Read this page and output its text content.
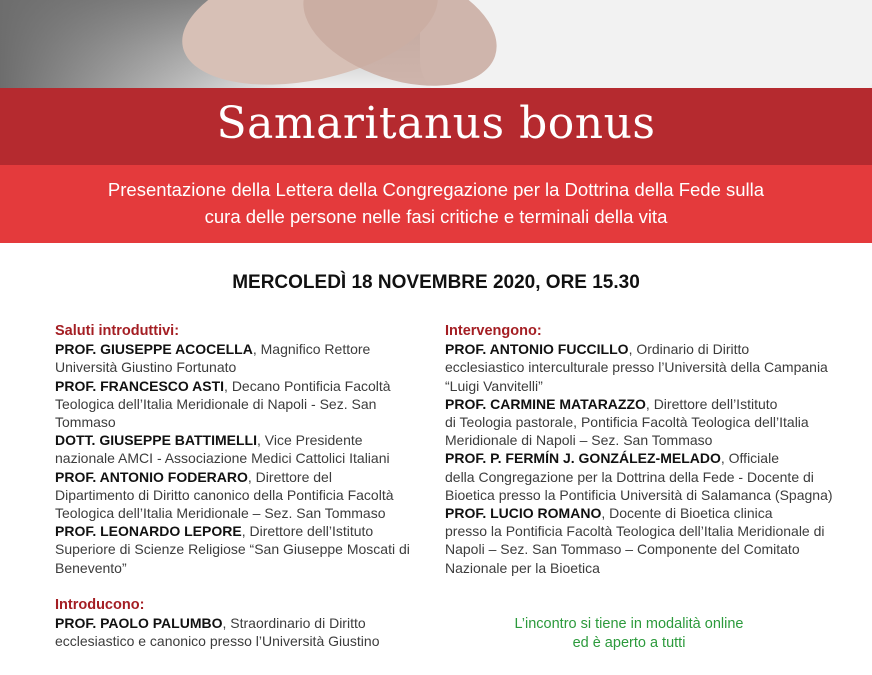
Samaritanus bonus
Presentazione della Lettera della Congregazione per la Dottrina della Fede sulla
cura delle persone nelle fasi critiche e terminali della vita
MERCOLEDÌ 18 NOVEMBRE 2020, ORE 15.30
Saluti introduttivi:

PROF. GIUSEPPE ACOCELLA, Magnifico Rettore
Università Giustino Fortunato

PROF. FRANCESCO ASTI, Decano Pontificia Facoltà
Teologica dell’Italia Meridionale di Napoli - Sez. San Tommaso

DOTT. GIUSEPPE BATTIMELLI, Vice Presidente
nazionale AMCI - Associazione Medici Cattolici Italiani

PROF. ANTONIO FODERARO, Direttore del
Dipartimento di Diritto canonico della Pontificia Facoltà Teologica dell’Italia Meridionale – Sez. San Tommaso

PROF. LEONARDO LEPORE, Direttore dell’Istituto
Superiore di Scienze Religiose “San Giuseppe Moscati di Benevento”

Introducono:

PROF. PAOLO PALUMBO, Straordinario di Diritto
ecclesiastico e canonico presso l’Università Giustino

Intervengono:

PROF. ANTONIO FUCCILLO, Ordinario di Diritto
ecclesiastico interculturale presso l’Università della Campania “Luigi Vanvitelli”

PROF. CARMINE MATARAZZO, Direttore dell’Istituto
di Teologia pastorale, Pontificia Facoltà Teologica dell’Italia Meridionale di Napoli – Sez. San Tommaso

PROF. P. FERMÍN J. GONZÁLEZ-MELADO, Officiale
della Congregazione per la Dottrina della Fede - Docente di Bioetica presso la Pontificia Università di Salamanca (Spagna)

PROF. LUCIO ROMANO, Docente di Bioetica clinica
presso la Pontificia Facoltà Teologica dell’Italia Meridionale di Napoli – Sez. San Tommaso – Componente del Comitato Nazionale per la Bioetica

L’incontro si tiene in modalità online
ed è aperto a tutti
